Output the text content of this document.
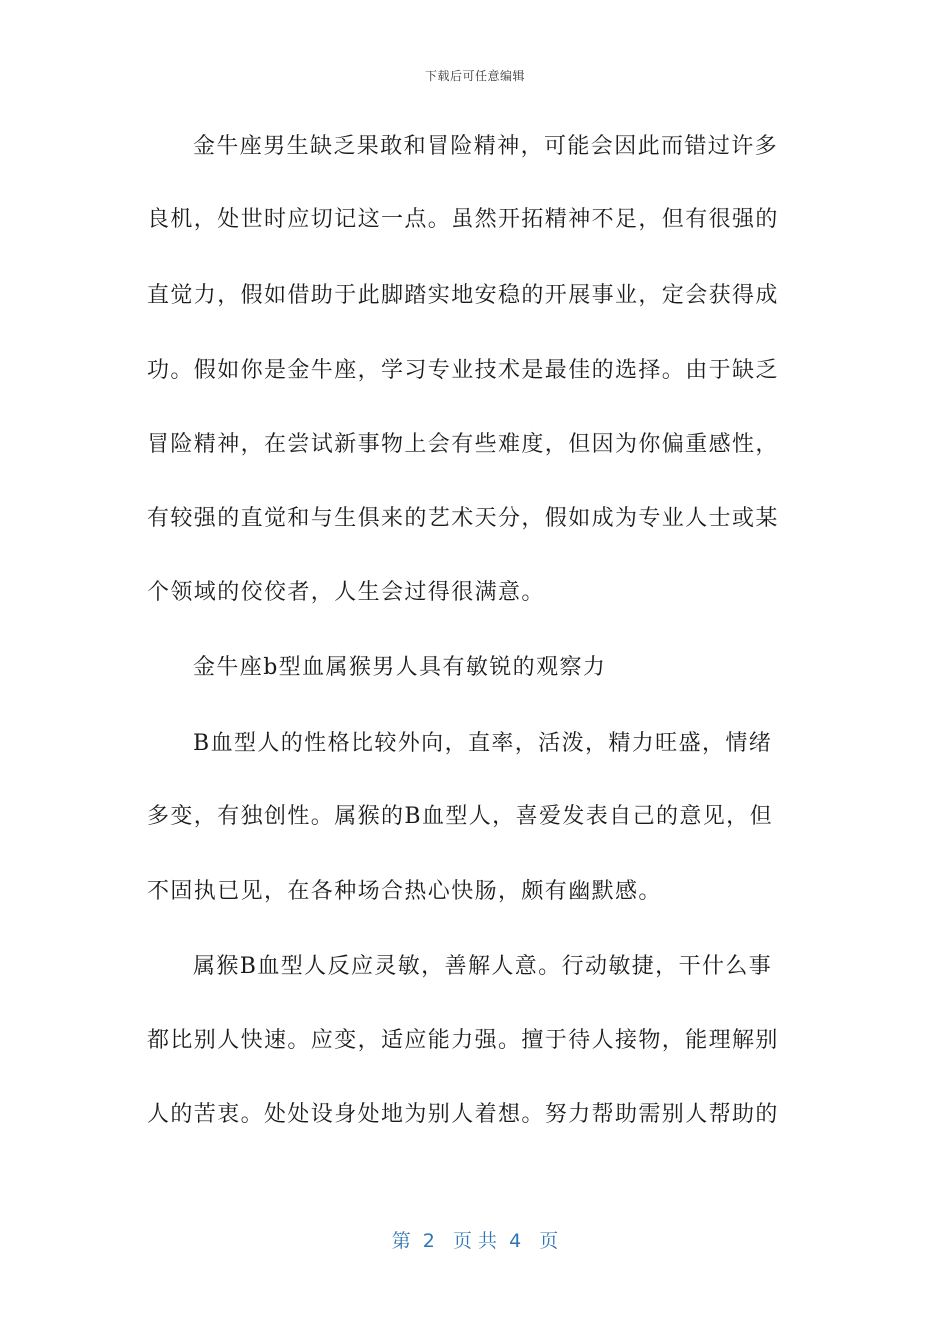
下载后可任意编辑
金牛座男生缺乏果敢和冒险精神，可能会因此而错过许多
良机，处世时应切记这一点。虽然开拓精神不足，但有很强的
直觉力，假如借助于此脚踏实地安稳的开展事业，定会获得成
功。假如你是金牛座，学习专业技术是最佳的选择。由于缺乏
冒险精神，在尝试新事物上会有些难度，但因为你偏重感性，
有较强的直觉和与生俱来的艺术天分，假如成为专业人士或某
个领域的佼佼者，人生会过得很满意。
金牛座b型血属猴男人具有敏锐的观察力
B血型人的性格比较外向，直率，活泼，精力旺盛，情绪
多变，有独创性。属猴的B血型人，喜爱发表自己的意见，但
不固执已见，在各种场合热心快肠，颇有幽默感。
属猴B血型人反应灵敏，善解人意。行动敏捷，干什么事
都比别人快速。应变，适应能力强。擅于待人接物，能理解别
人的苦衷。处处设身处地为别人着想。努力帮助需别人帮助的
第  2   页 共  4   页
